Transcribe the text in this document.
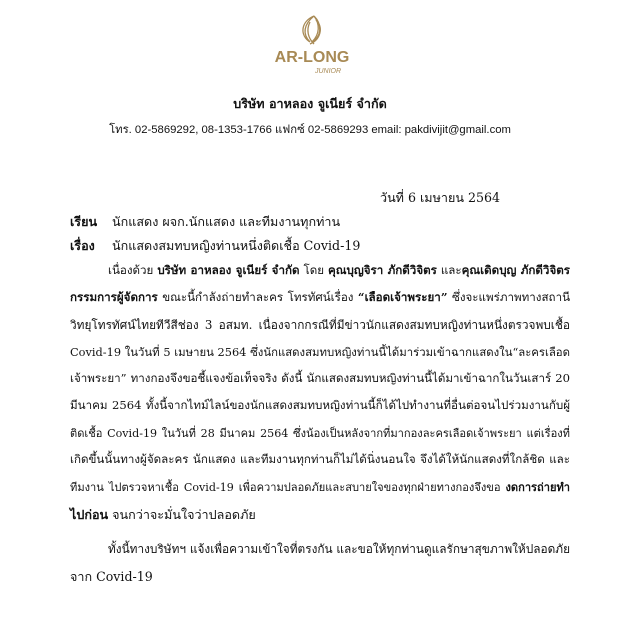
AR-LONG
JUNIOR
บริษัท อาหลอง จูเนียร์ จำกัด
โทร. 02-5869292, 08-1353-1766 แฟกซ์ 02-5869293 email: pakdivijit@gmail.com
วันที่ 6 เมษายน 2564
เรียน นักแสดง ผจก.นักแสดง และทีมงานทุกท่าน
เรื่อง นักแสดงสมทบหญิงท่านหนึ่งติดเชื้อ Covid-19
เนื่องด้วย บริษัท อาหลอง จูเนียร์ จำกัด โดย คุณบุญจิรา ภักดีวิจิตร และคุณเดิดบุญ ภักดีวิจิตร
กรรมการผู้จัดการ ขณะนี้กำลังถ่ายทำละคร โทรทัศน์เรื่อง “เลือดเจ้าพระยา” ซึ่งจะแพร่ภาพทางสถานี
วิทยุโทรทัศน์ไทยทีวีสีช่อง 3 อสมท. เนื่องจากกรณีที่มีข่าวนักแสดงสมทบหญิงท่านหนึ่งตรวจพบเชื้อ
Covid-19 ในวันที่ 5 เมษายน 2564 ซึ่งนักแสดงสมทบหญิงท่านนี้ได้มาร่วมเข้าฉากแสดงใน“ละครเลือด
เจ้าพระยา” ทางกองจึงขอชี้แจงข้อเท็จจริง ดังนี้ นักแสดงสมทบหญิงท่านนี้ได้มาเข้าฉากในวันเสาร์ 20
มีนาคม 2564 ทั้งนี้จากไทม์ไลน์ของนักแสดงสมทบหญิงท่านนี้ก็ได้ไปทำงานที่อื่นต่อจนไปร่วมงานกับผู้
ติดเชื้อ Covid-19 ในวันที่ 28 มีนาคม 2564 ซึ่งน้องเป็นหลังจากที่มากองละครเลือดเจ้าพระยา แต่เรื่องที่
เกิดขึ้นนั้นทางผู้จัดละคร นักแสดง และทีมงานทุกท่านก็ไม่ได้นิ่งนอนใจ จึงได้ให้นักแสดงที่ใกล้ชิด และ
ทีมงาน ไปตรวจหาเชื้อ Covid-19 เพื่อความปลอดภัยและสบายใจของทุกฝ่ายทางกองจึงขอ งดการถ่ายทำ
ไปก่อน จนกว่าจะมั่นใจว่าปลอดภัย
ทั้งนี้ทางบริษัทฯ แจ้งเพื่อความเข้าใจที่ตรงกัน และขอให้ทุกท่านดูแลรักษาสุขภาพให้ปลอดภัย
จาก Covid-19
